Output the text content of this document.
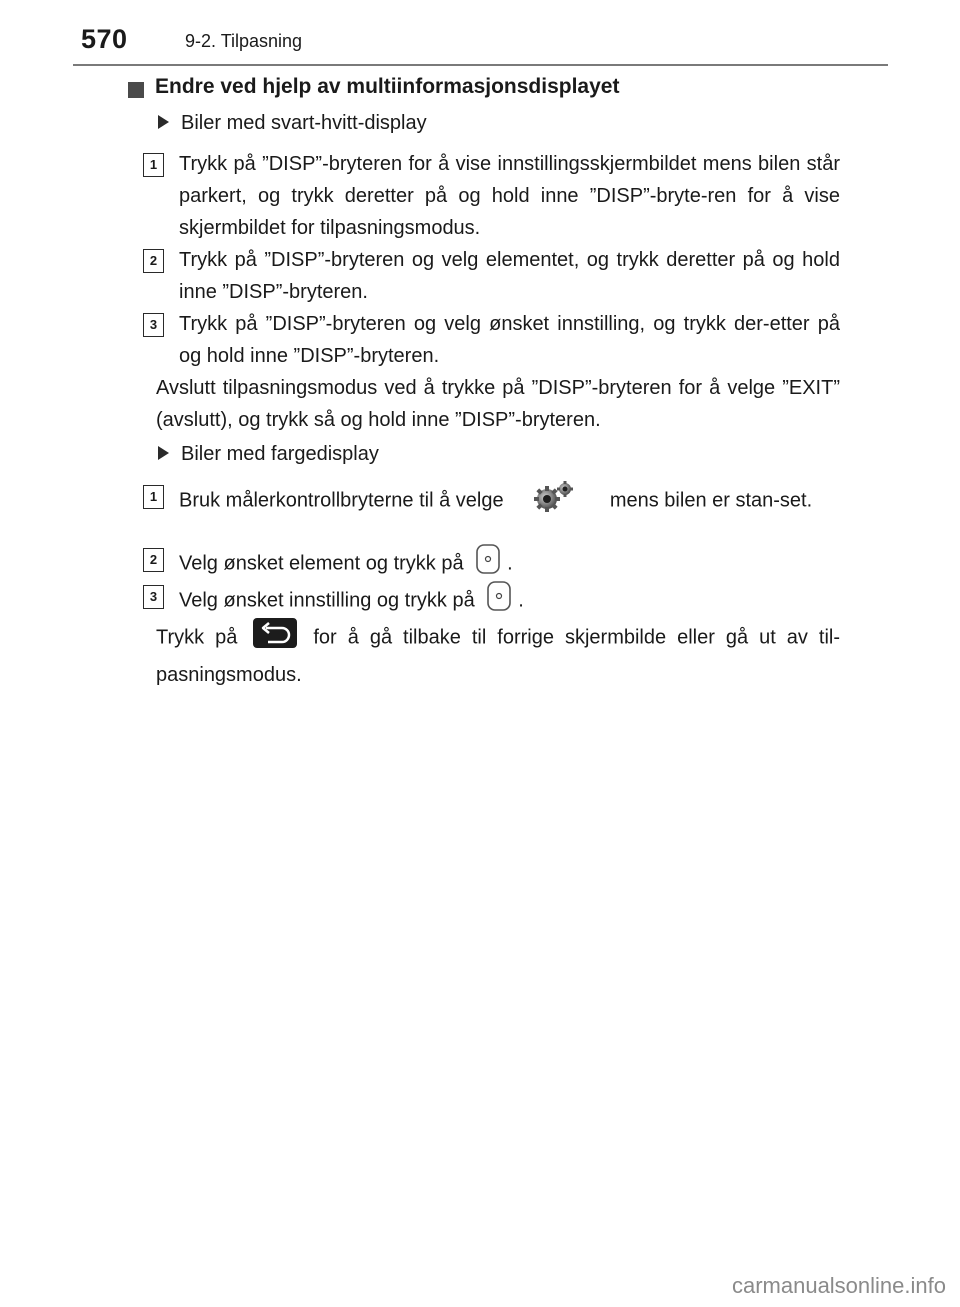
570	9-2. Tilpasning
Endre ved hjelp av multiinformasjonsdisplayet
Biler med svart-hvitt-display
1	Trykk på ”DISP”-bryteren for å vise innstillingsskjermbildet mens bilen står parkert, og trykk deretter på og hold inne ”DISP”-bryte-ren for å vise skjermbildet for tilpasningsmodus.
2	Trykk på ”DISP”-bryteren og velg elementet, og trykk deretter på og hold inne ”DISP”-bryteren.
3	Trykk på ”DISP”-bryteren og velg ønsket innstilling, og trykk der-etter på og hold inne ”DISP”-bryteren.
Avslutt tilpasningsmodus ved å trykke på ”DISP”-bryteren for å velge ”EXIT” (avslutt), og trykk så og hold inne ”DISP”-bryteren.
Biler med fargedisplay
1	Bruk målerkontrollbryterne til å velge	mens bilen er stan-set.
2	Velg ønsket element og trykk på .
3	Velg ønsket innstilling og trykk på .
Trykk på	for å gå tilbake til forrige skjermbilde eller gå ut av til-pasningsmodus.
carmanualsonline.info
